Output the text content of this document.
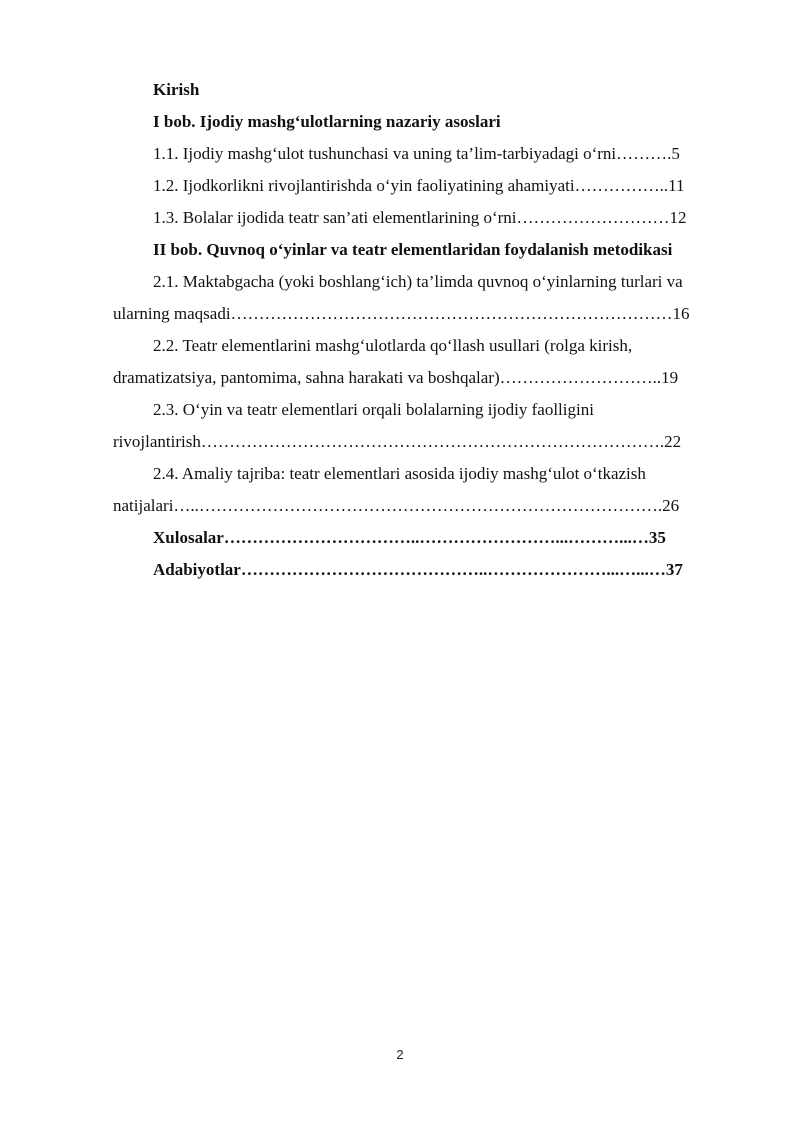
Kirish
I bob. Ijodiy mashg‘ulotlarning nazariy asoslari
1.1. Ijodiy mashg‘ulot tushunchasi va uning ta’lim-tarbiyadagi o‘rni……….5
1.2. Ijodkorlikni rivojlantirishda o‘yin faoliyatining ahamiyati……………..11
1.3. Bolalar ijodida teatr san’ati elementlarining o‘rni………………………12
II bob. Quvnoq o‘yinlar va teatr elementlaridan foydalanish metodikasi
2.1. Maktabgacha (yoki boshlang‘ich) ta’limda quvnoq o‘yinlarning turlari va
ularning maqsadi……………………………………………………………………16
2.2. Teatr elementlarini mashg‘ulotlarda qo‘llash usullari (rolga kirish,
dramatizatsiya, pantomima, sahna harakati va boshqalar)………………………..19
2.3. O‘yin va teatr elementlari orqali bolalarning ijodiy faolligini
rivojlantirish……………………………………………………………………….22
2.4. Amaliy tajriba: teatr elementlari asosida ijodiy mashg‘ulot o‘tkazish
natijalari…..……………………………………………………………………….26
Xulosalar……………………………..……………………...………...…35
Adabiyotlar……………………………………..…………………...…...…37
2
